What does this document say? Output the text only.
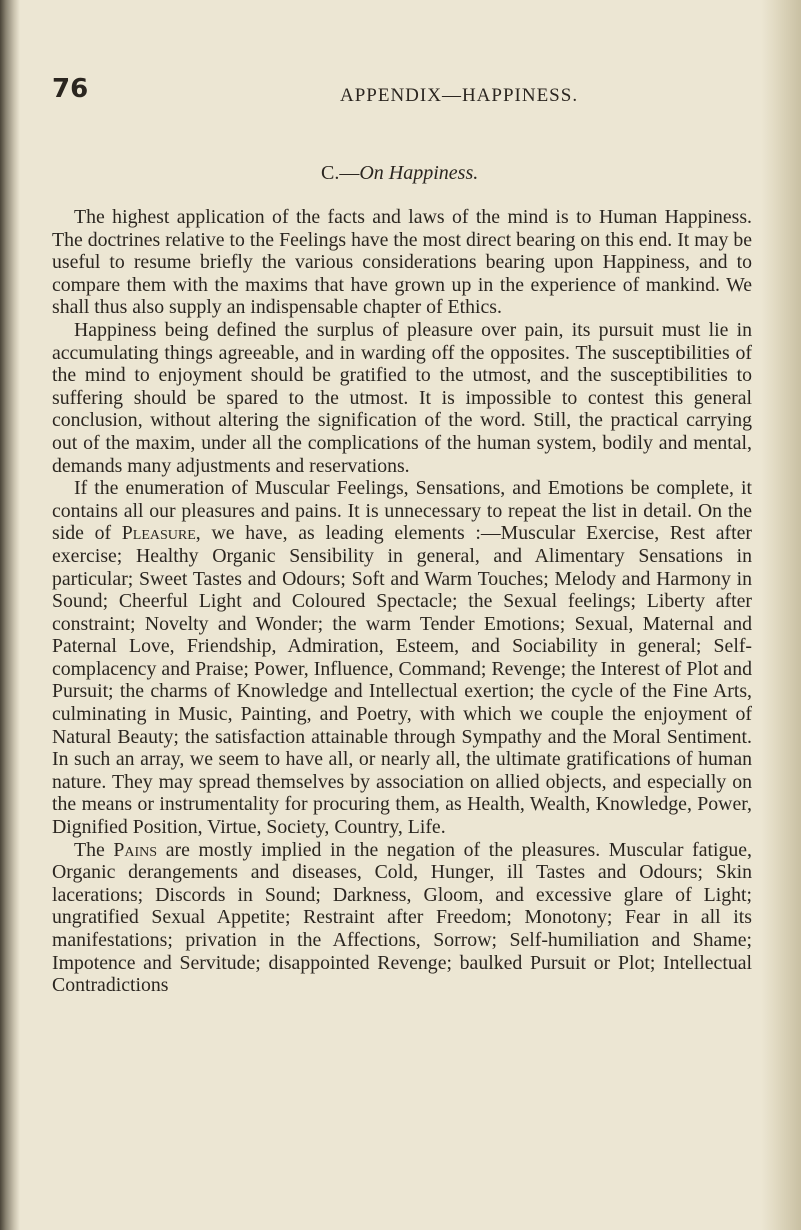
76	APPENDIX—HAPPINESS.
C.—On Happiness.

The highest application of the facts and laws of the mind is to Human Happiness. The doctrines relative to the Feelings have the most direct bearing on this end. It may be useful to resume briefly the various considerations bearing upon Happiness, and to compare them with the maxims that have grown up in the experience of mankind. We shall thus also supply an indispensable chapter of Ethics.

Happiness being defined the surplus of pleasure over pain, its pursuit must lie in accumulating things agreeable, and in warding off the opposites. The susceptibilities of the mind to enjoyment should be gratified to the utmost, and the susceptibilities to suffering should be spared to the utmost. It is impossible to contest this general conclusion, without altering the signification of the word. Still, the practical carrying out of the maxim, under all the complications of the human system, bodily and mental, demands many adjustments and reservations.

If the enumeration of Muscular Feelings, Sensations, and Emotions be complete, it contains all our pleasures and pains. It is unnecessary to repeat the list in detail. On the side of Pleasure, we have, as leading elements :—Muscular Exercise, Rest after exercise; Healthy Organic Sensibility in general, and Alimentary Sensations in particular; Sweet Tastes and Odours; Soft and Warm Touches; Melody and Harmony in Sound; Cheerful Light and Coloured Spectacle; the Sexual feelings; Liberty after constraint; Novelty and Wonder; the warm Tender Emotions; Sexual, Maternal and Paternal Love, Friendship, Admiration, Esteem, and Sociability in general; Self-complacency and Praise; Power, Influence, Command; Revenge; the Interest of Plot and Pursuit; the charms of Knowledge and Intellectual exertion; the cycle of the Fine Arts, culminating in Music, Painting, and Poetry, with which we couple the enjoyment of Natural Beauty; the satisfaction attainable through Sympathy and the Moral Sentiment. In such an array, we seem to have all, or nearly all, the ultimate gratifications of human nature. They may spread themselves by association on allied objects, and especially on the means or instrumentality for procuring them, as Health, Wealth, Knowledge, Power, Dignified Position, Virtue, Society, Country, Life.

The Pains are mostly implied in the negation of the pleasures. Muscular fatigue, Organic derangements and diseases, Cold, Hunger, ill Tastes and Odours; Skin lacerations; Discords in Sound; Darkness, Gloom, and excessive glare of Light; ungratified Sexual Appetite; Restraint after Freedom; Monotony; Fear in all its manifestations; privation in the Affections, Sorrow; Self-humiliation and Shame; Impotence and Servitude; disappointed Revenge; baulked Pursuit or Plot; Intellectual Contradictions
